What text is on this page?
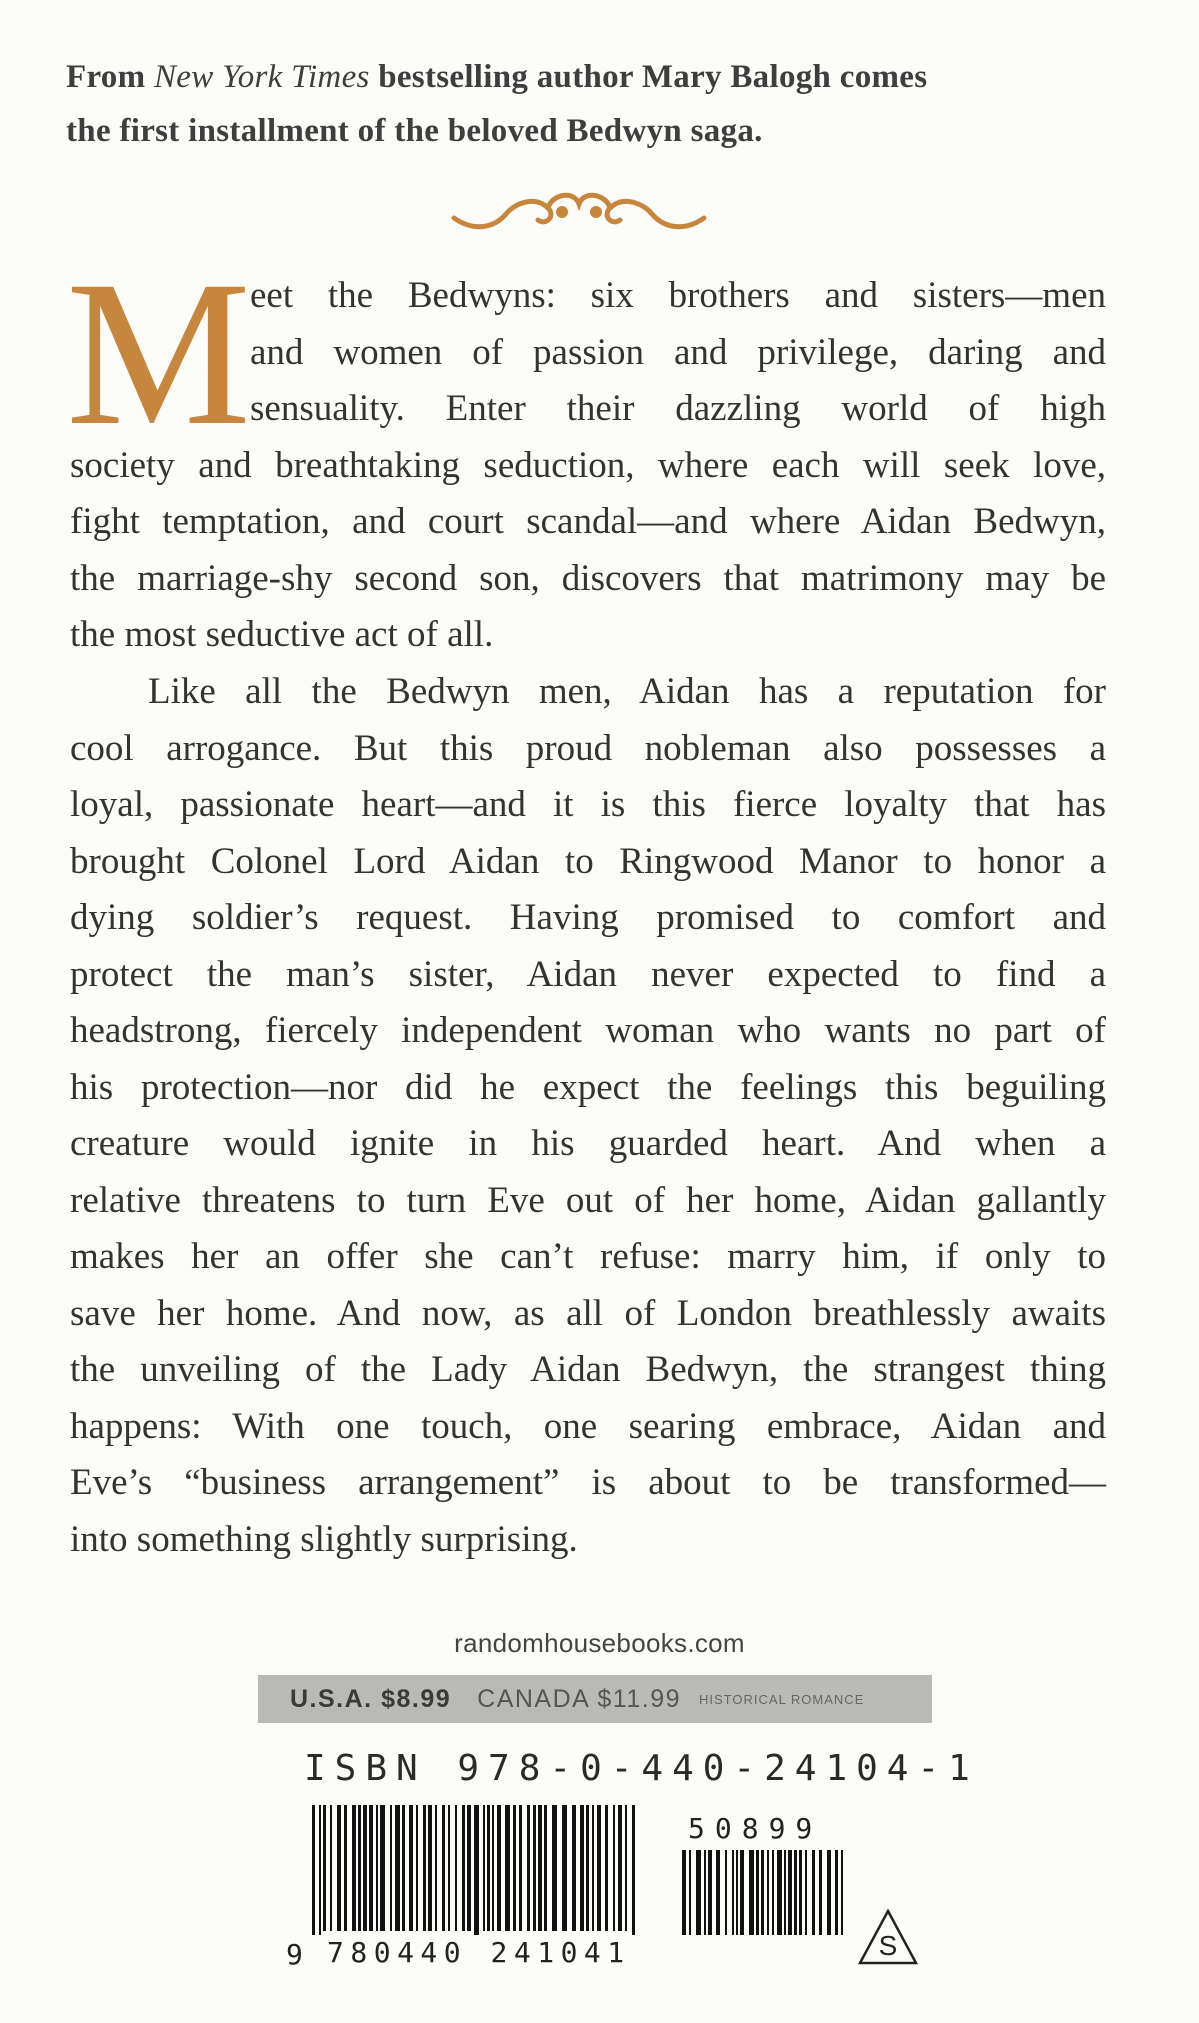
From New York Times bestselling author Mary Balogh comes
the first installment of the beloved Bedwyn saga.
M eet the Bedwyns: six brothers and sisters—men
and women of passion and privilege, daring and
sensuality. Enter their dazzling world of high
society and breathtaking seduction, where each will seek love,
fight temptation, and court scandal—and where Aidan Bedwyn,
the marriage-shy second son, discovers that matrimony may be
the most seductive act of all.
Like all the Bedwyn men, Aidan has a reputation for
cool arrogance. But this proud nobleman also possesses a
loyal, passionate heart—and it is this fierce loyalty that has
brought Colonel Lord Aidan to Ringwood Manor to honor a
dying soldier’s request. Having promised to comfort and
protect the man’s sister, Aidan never expected to find a
headstrong, fiercely independent woman who wants no part of
his protection—nor did he expect the feelings this beguiling
creature would ignite in his guarded heart. And when a
relative threatens to turn Eve out of her home, Aidan gallantly
makes her an offer she can’t refuse: marry him, if only to
save her home. And now, as all of London breathlessly awaits
the unveiling of the Lady Aidan Bedwyn, the strangest thing
happens: With one touch, one searing embrace, Aidan and
Eve’s “business arrangement” is about to be transformed—
into something slightly surprising.
randomhousebooks.com
U.S.A. $8.99 CANADA $11.99 HISTORICAL ROMANCE
ISBN 978-0-440-24104-1
9 780440 241041
50899
S
